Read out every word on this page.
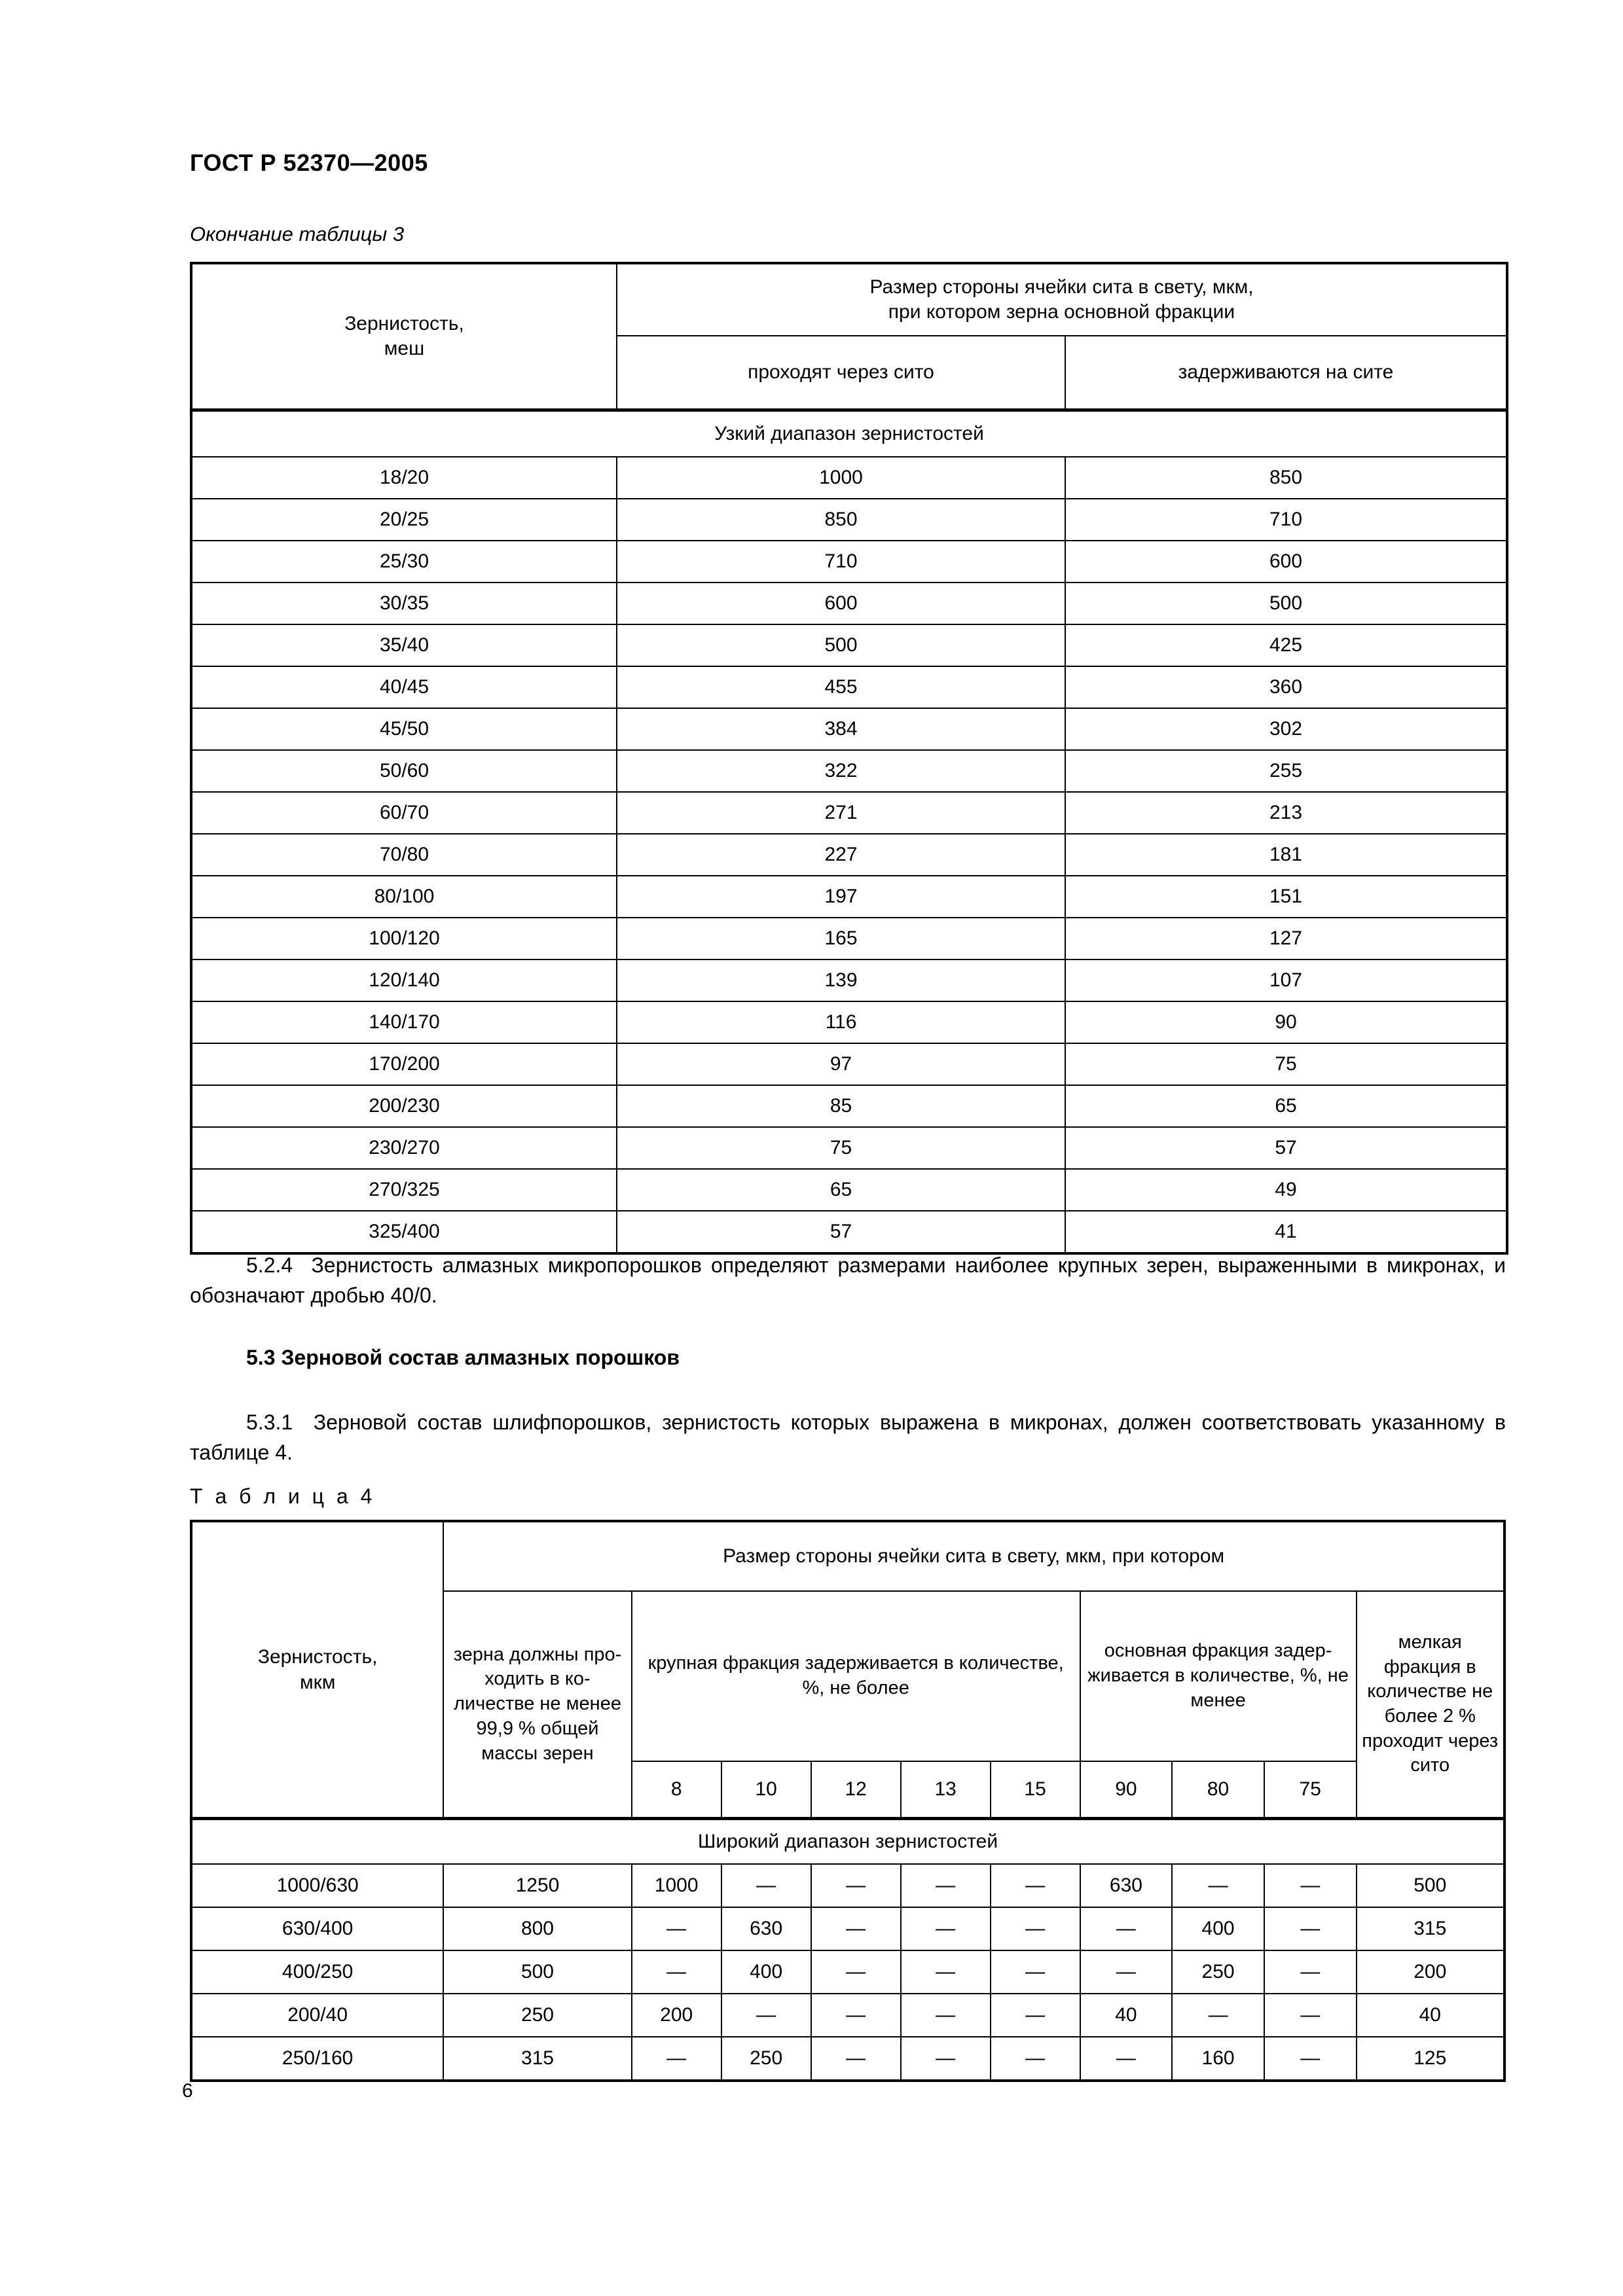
ГОСТ Р 52370—2005
Окончание таблицы 3
Зернистость,
меш	Размер стороны ячейки сита в свету, мкм,
при котором зерна основной фракции	
	проходят через сито	задерживаются на сите
Узкий диапазон зернистостей		
18/20	1000	850
20/25	850	710
25/30	710	600
30/35	600	500
35/40	500	425
40/45	455	360
45/50	384	302
50/60	322	255
60/70	271	213
70/80	227	181
80/100	197	151
100/120	165	127
120/140	139	107
140/170	116	90
170/200	97	75
200/230	85	65
230/270	75	57
270/325	65	49
325/400	57	41
5.2.4 Зернистость алмазных микропорошков определяют размерами наиболее крупных зерен, выраженными в микронах, и обозначают дробью 40/0.
5.3 Зерновой состав алмазных порошков
5.3.1 Зерновой состав шлифпорошков, зернистость которых выражена в микронах, должен соответствовать указанному в таблице 4.
Т а б л и ц а 4
Зернистость,
мкм	Размер стороны ячейки сита в свету, мкм, при котором									
	зерна должны про-ходить в ко-личестве не менее 99,9 % общей массы зерен	крупная фракция задерживается в количестве, %, не более					основная фракция задер-живается в количестве, %, не менее			мелкая фракция в количестве не более 2 % проходит через сито
		8	10	12	13	15	90	80	75	
Широкий диапазон зернистостей										
1000/630	1250	1000	—	—	—	—	630	—	—	500
630/400	800	—	630	—	—	—	—	400	—	315
400/250	500	—	400	—	—	—	—	250	—	200
200/40	250	200	—	—	—	—	40	—	—	40
250/160	315	—	250	—	—	—	—	160	—	125
6
